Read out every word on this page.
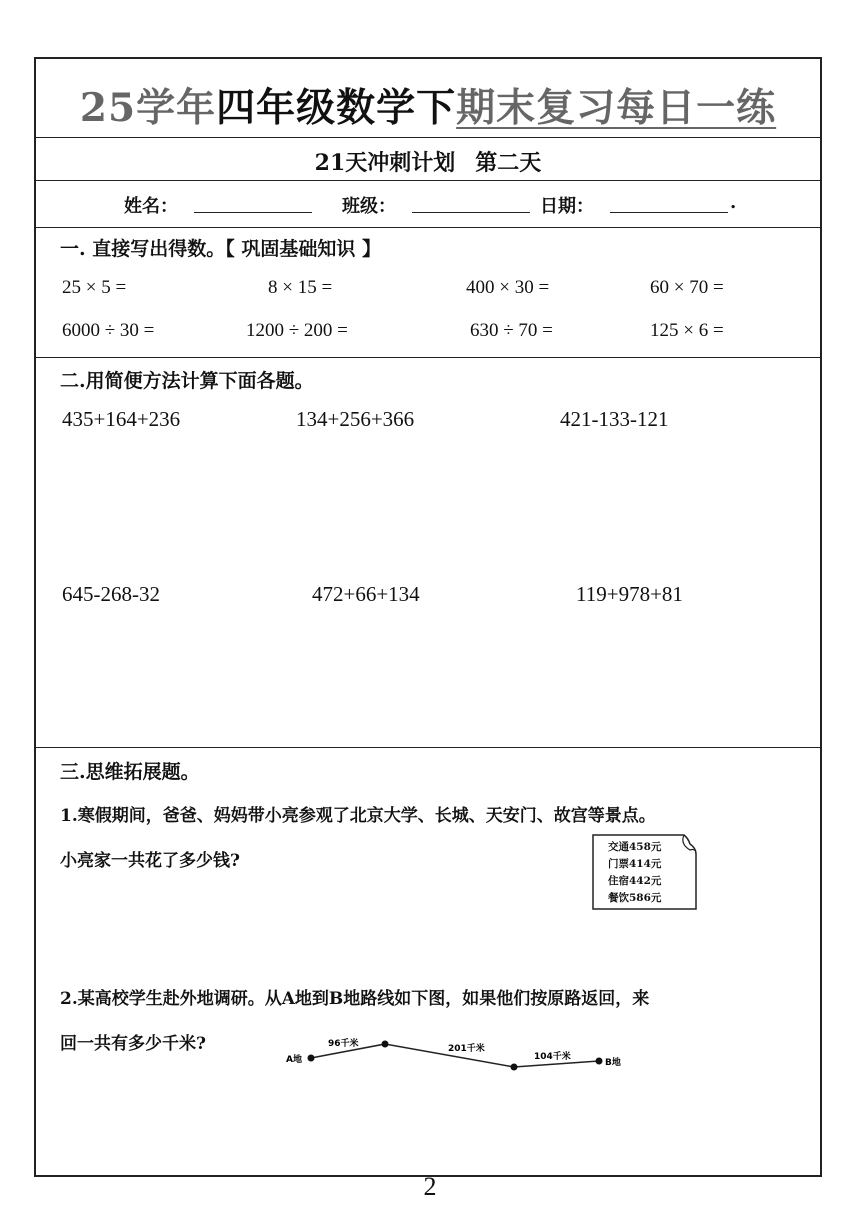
25学年四年级数学下期末复习每日一练
21天冲刺计划 第二天
姓名：	班级：	日期：	.
一. 直接写出得数。【 巩固基础知识 】
25 × 5 =	8 × 15 =	400 × 30 =	60 × 70 =
6000 ÷ 30 =	1200 ÷ 200 =	630 ÷ 70 =	125 × 6 =
二.用简便方法计算下面各题。
435+164+236	134+256+366	421-133-121
645-268-32	472+66+134	119+978+81
三.思维拓展题。
1.寒假期间，爸爸、妈妈带小亮参观了北京大学、长城、天安门、故宫等景点。
小亮家一共花了多少钱?
交通458元
门票414元
住宿442元
餐饮586元
2.某高校学生赴外地调研。从A地到B地路线如下图，如果他们按原路返回，来
回一共有多少千米?
A地	B地
96千米	201千米
104千米
2
